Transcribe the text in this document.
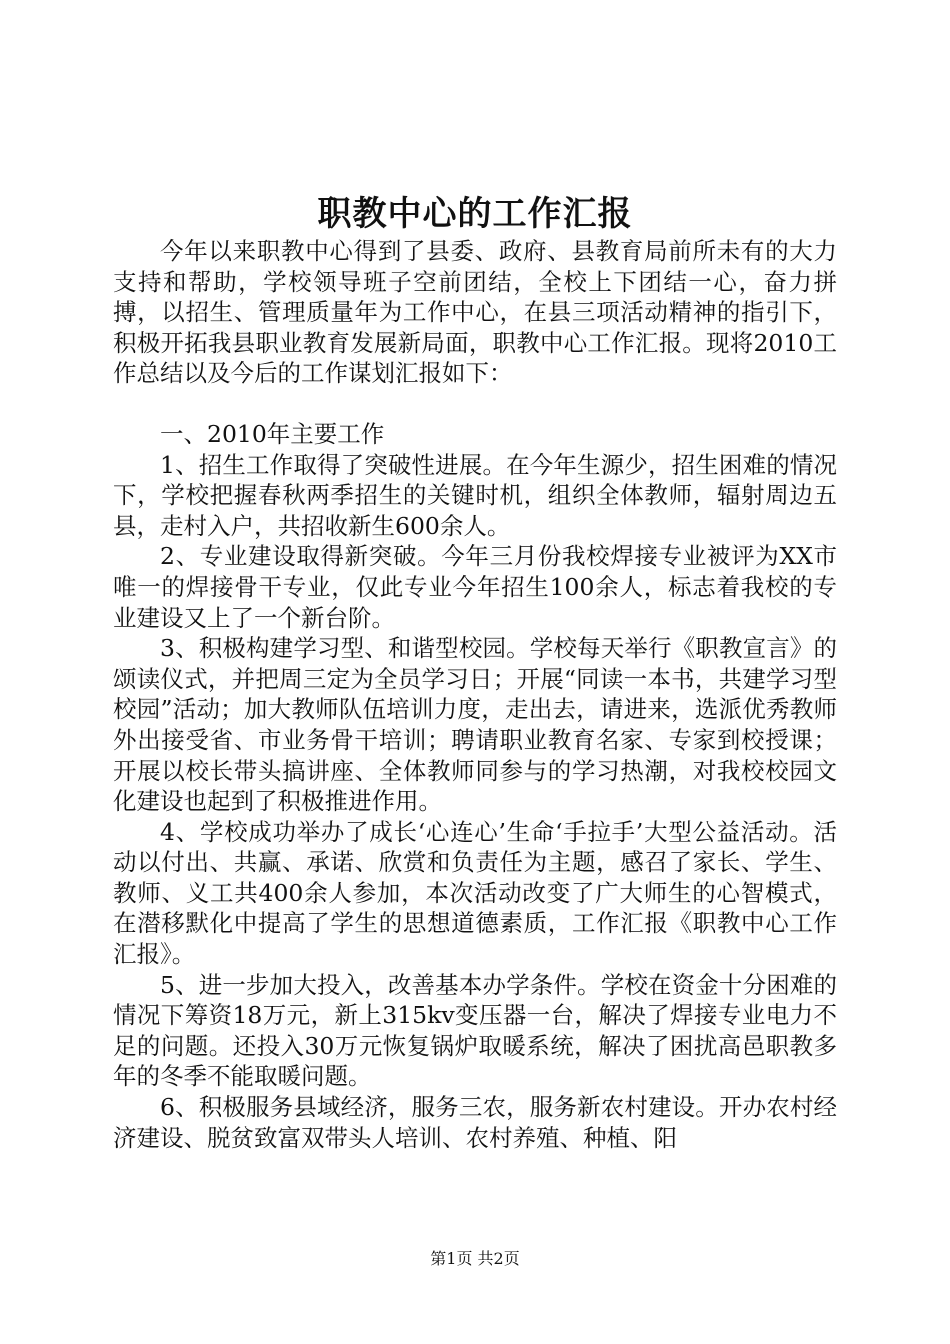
职教中心的工作汇报

今年以来职教中心得到了县委、政府、县教育局前所未有的大力支持和帮助，学校领导班子空前团结，全校上下团结一心，奋力拼搏，以招生、管理质量年为工作中心，在县三项活动精神的指引下，积极开拓我县职业教育发展新局面，职教中心工作汇报。现将2010工作总结以及今后的工作谋划汇报如下：

一、2010年主要工作

1、招生工作取得了突破性进展。在今年生源少，招生困难的情况下，学校把握春秋两季招生的关键时机，组织全体教师，辐射周边五县，走村入户，共招收新生600余人。

2、专业建设取得新突破。今年三月份我校焊接专业被评为XX市唯一的焊接骨干专业，仅此专业今年招生100余人，标志着我校的专业建设又上了一个新台阶。

3、积极构建学习型、和谐型校园。学校每天举行《职教宣言》的颂读仪式，并把周三定为全员学习日；开展“同读一本书，共建学习型校园”活动；加大教师队伍培训力度，走出去，请进来，选派优秀教师外出接受省、市业务骨干培训；聘请职业教育名家、专家到校授课；开展以校长带头搞讲座、全体教师同参与的学习热潮，对我校校园文化建设也起到了积极推进作用。

4、学校成功举办了成长‘心连心’生命‘手拉手’大型公益活动。活动以付出、共赢、承诺、欣赏和负责任为主题，感召了家长、学生、教师、义工共400余人参加，本次活动改变了广大师生的心智模式，在潜移默化中提高了学生的思想道德素质，工作汇报《职教中心工作汇报》。

5、进一步加大投入，改善基本办学条件。学校在资金十分困难的情况下筹资18万元，新上315kv变压器一台，解决了焊接专业电力不足的问题。还投入30万元恢复锅炉取暖系统，解决了困扰高邑职教多年的冬季不能取暖问题。

6、积极服务县域经济，服务三农，服务新农村建设。开办农村经济建设、脱贫致富双带头人培训、农村养殖、种植、阳

第1页 共2页
